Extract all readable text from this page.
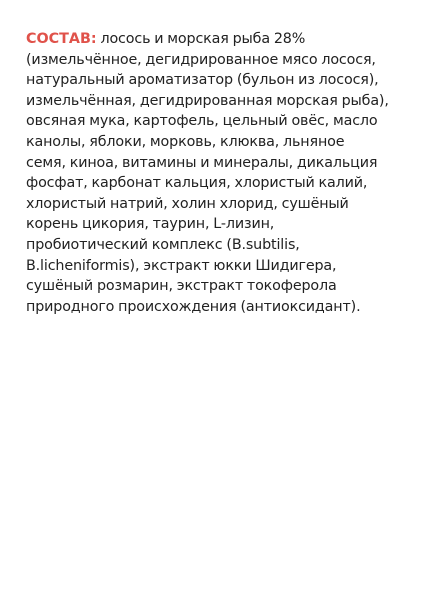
СОСТАВ: лосось и морская рыба 28%
(измельчённое, дегидрированное мясо лосося,
натуральный ароматизатор (бульон из лосося),
измельчённая, дегидрированная морская рыба),
овсяная мука, картофель, цельный овёс, масло
канолы, яблоки, морковь, клюква, льняное
семя, киноа, витамины и минералы, дикальция
фосфат, карбонат кальция, хлористый калий,
хлористый натрий, холин хлорид, сушёный
корень цикория, таурин, L-лизин,
пробиотический комплекс (B.subtilis,
B.licheniformis), экстракт юкки Шидигера,
сушёный розмарин, экстракт токоферола
природного происхождения (антиоксидант).
